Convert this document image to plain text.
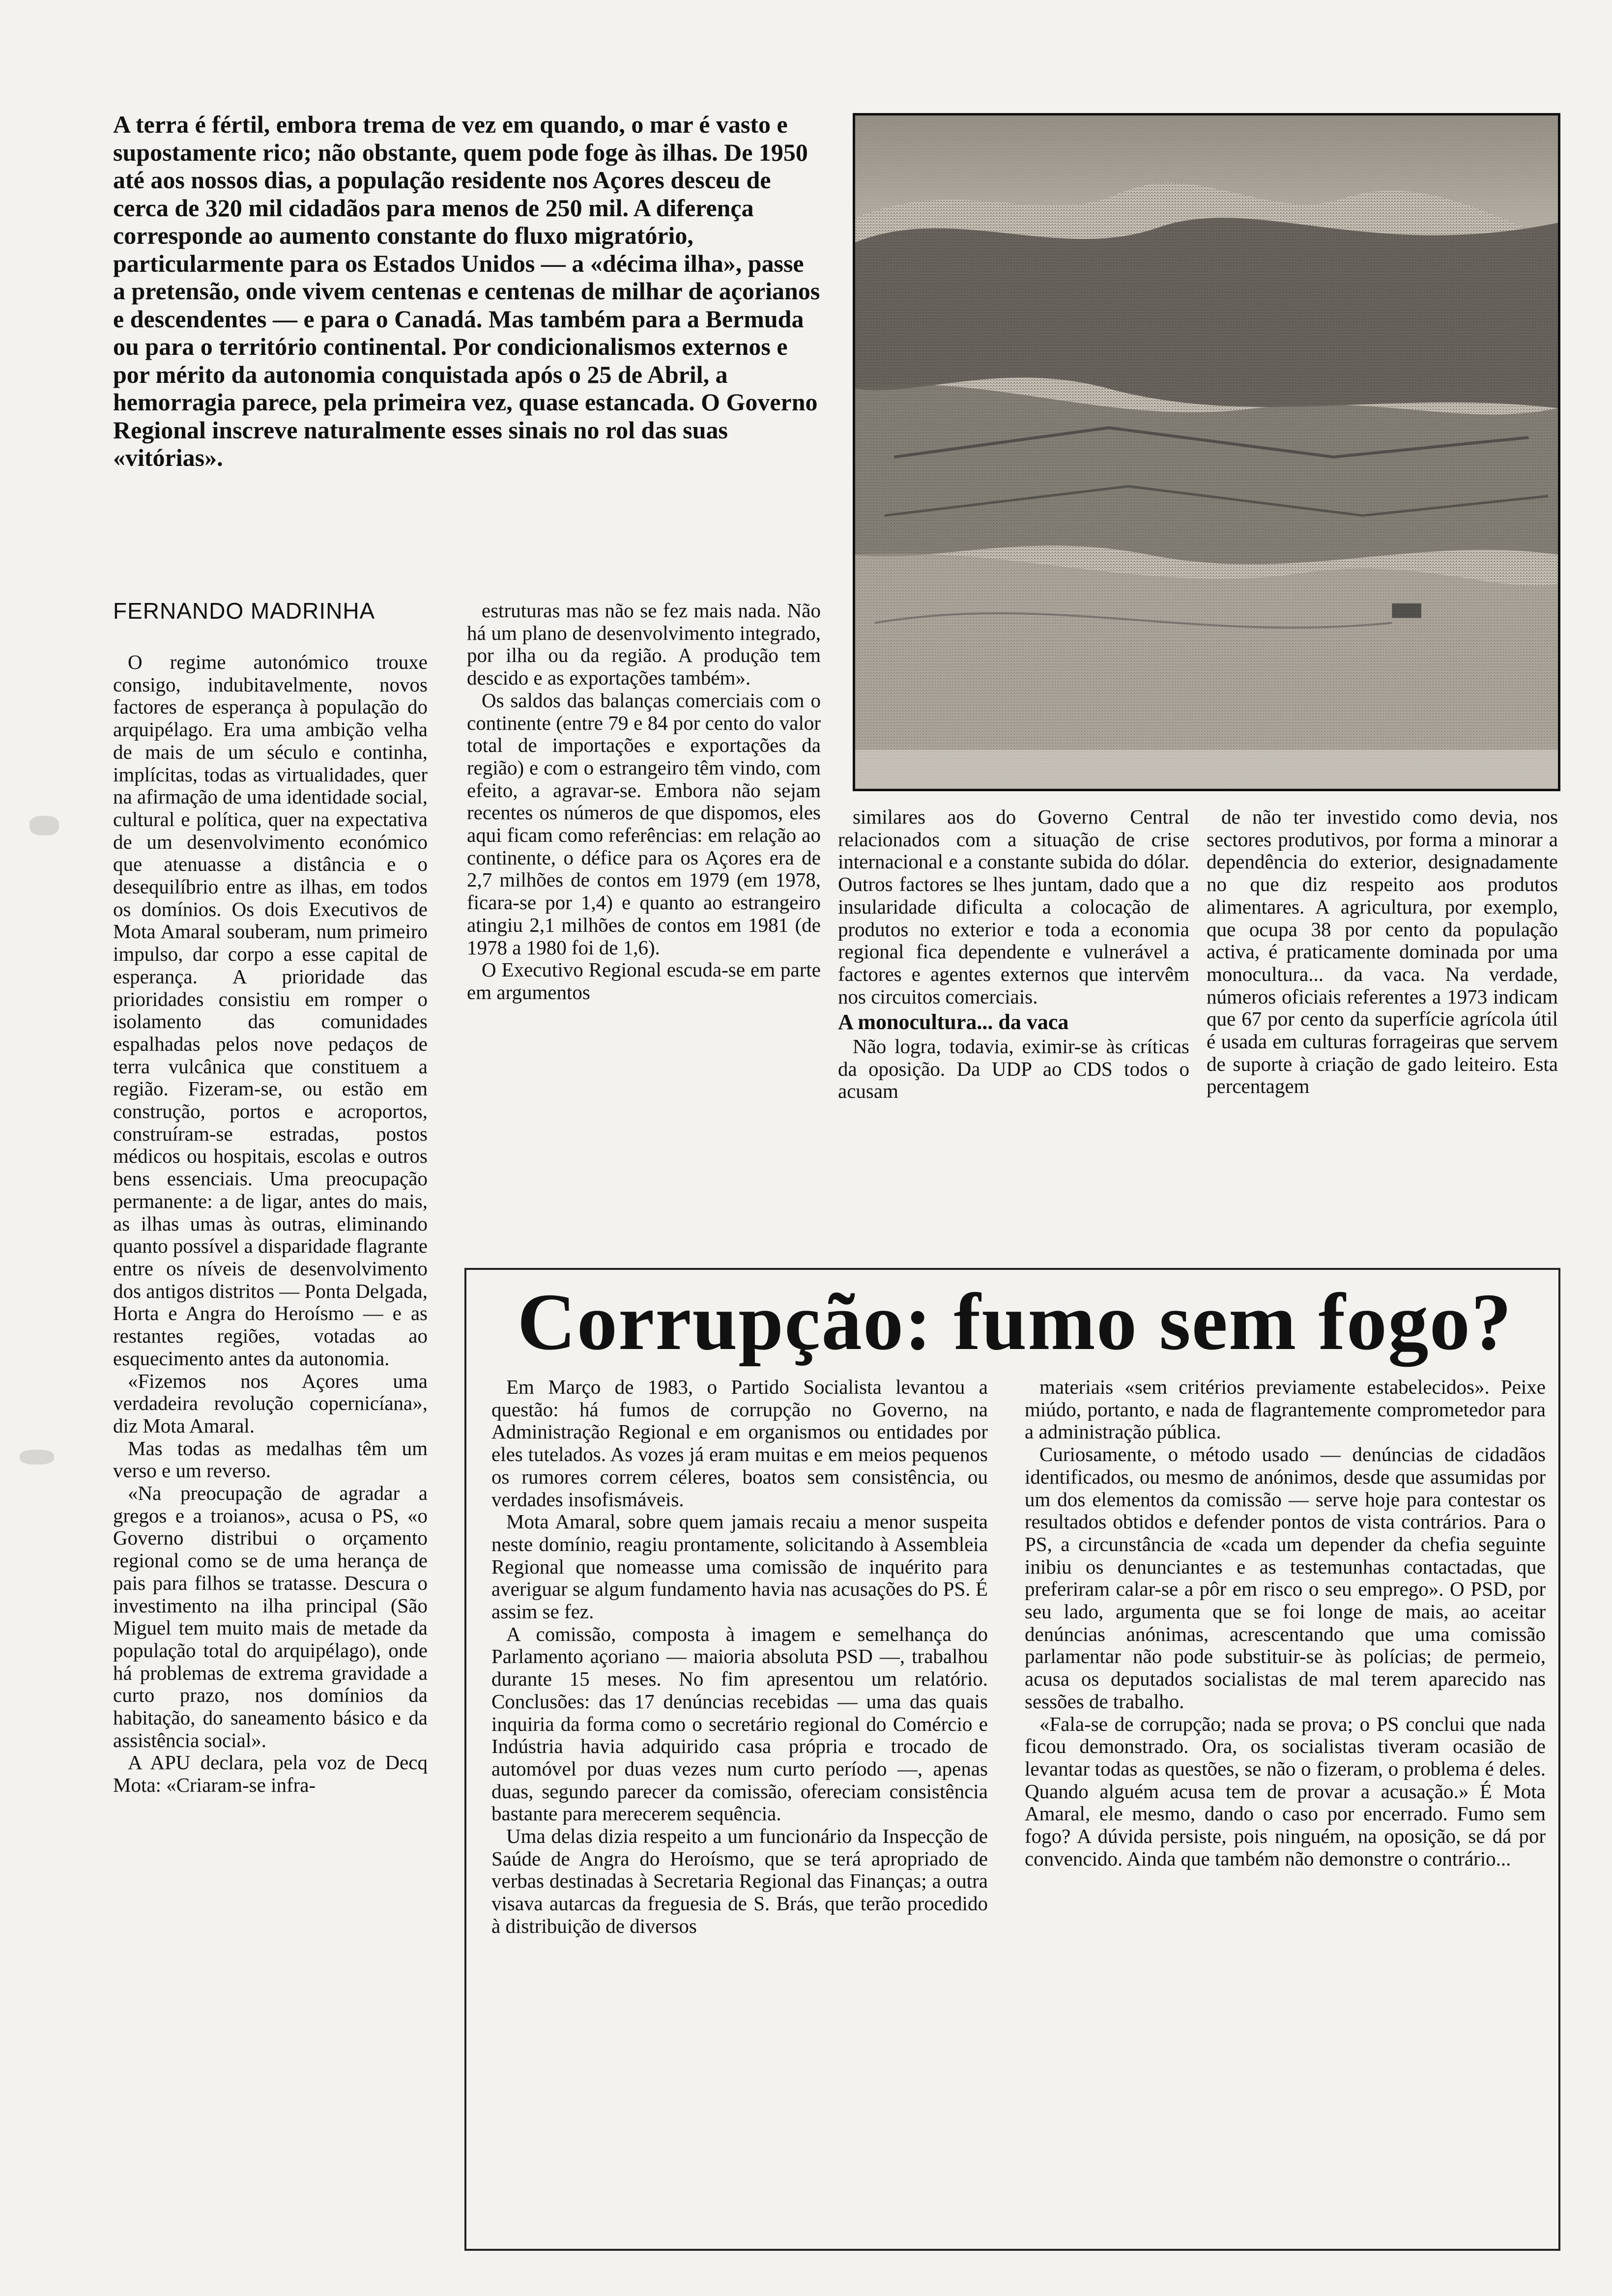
A terra é fértil, embora trema de vez em quando, o mar é vasto e supostamente rico; não obstante, quem pode foge às ilhas. De 1950 até aos nossos dias, a população residente nos Açores desceu de cerca de 320 mil cidadãos para menos de 250 mil. A diferença corresponde ao aumento constante do fluxo migratório, particularmente para os Estados Unidos — a «décima ilha», passe a pretensão, onde vivem centenas e centenas de milhar de açorianos e descendentes — e para o Canadá. Mas também para a Bermuda ou para o território continental. Por condicionalismos externos e por mérito da autonomia conquistada após o 25 de Abril, a hemorragia parece, pela primeira vez, quase estancada. O Governo Regional inscreve naturalmente esses sinais no rol das suas «vitórias».
FERNANDO MADRINHA

O regime autonómico trouxe consigo, indubitavelmente, novos factores de esperança à população do arquipélago. Era uma ambição velha de mais de um século e continha, implícitas, todas as virtualidades, quer na afirmação de uma identidade social, cultural e política, quer na expectativa de um desenvolvimento económico que atenuasse a distância e o desequilíbrio entre as ilhas, em todos os domínios. Os dois Executivos de Mota Amaral souberam, num primeiro impulso, dar corpo a esse capital de esperança. A prioridade das prioridades consistiu em romper o isolamento das comunidades espalhadas pelos nove pedaços de terra vulcânica que constituem a região. Fizeram-se, ou estão em construção, portos e acroportos, construíram-se estradas, postos médicos ou hospitais, escolas e outros bens essenciais. Uma preocupação permanente: a de ligar, antes do mais, as ilhas umas às outras, eliminando quanto possível a disparidade flagrante entre os níveis de desenvolvimento dos antigos distritos — Ponta Delgada, Horta e Angra do Heroísmo — e as restantes regiões, votadas ao esquecimento antes da autonomia.

«Fizemos nos Açores uma verdadeira revolução copernicíana», diz Mota Amaral.

Mas todas as medalhas têm um verso e um reverso.

«Na preocupação de agradar a gregos e a troianos», acusa o PS, «o Governo distribui o orçamento regional como se de uma herança de pais para filhos se tratasse. Descura o investimento na ilha principal (São Miguel tem muito mais de metade da população total do arquipélago), onde há problemas de extrema gravidade a curto prazo, nos domínios da habitação, do saneamento básico e da assistência social».

A APU declara, pela voz de Decq Mota: «Criaram-se infra-

estruturas mas não se fez mais nada. Não há um plano de desenvolvimento integrado, por ilha ou da região. A produção tem descido e as exportações também».

Os saldos das balanças comerciais com o continente (entre 79 e 84 por cento do valor total de importações e exportações da região) e com o estrangeiro têm vindo, com efeito, a agravar-se. Embora não sejam recentes os números de que dispomos, eles aqui ficam como referências: em relação ao continente, o défice para os Açores era de 2,7 milhões de contos em 1979 (em 1978, ficara-se por 1,4) e quanto ao estrangeiro atingiu 2,1 milhões de contos em 1981 (de 1978 a 1980 foi de 1,6).

O Executivo Regional escuda-se em parte em argumentos

similares aos do Governo Central relacionados com a situação de crise internacional e a constante subida do dólar. Outros factores se lhes juntam, dado que a insularidade dificulta a colocação de produtos no exterior e toda a economia regional fica dependente e vulnerável a factores e agentes externos que intervêm nos circuitos comerciais.

A monocultura... da vaca

Não logra, todavia, eximir-se às críticas da oposição. Da UDP ao CDS todos o acusam

de não ter investido como devia, nos sectores produtivos, por forma a minorar a dependência do exterior, designadamente no que diz respeito aos produtos alimentares. A agricultura, por exemplo, que ocupa 38 por cento da população activa, é praticamente dominada por uma monocultura... da vaca. Na verdade, números oficiais referentes a 1973 indicam que 67 por cento da superfície agrícola útil é usada em culturas forrageiras que servem de suporte à criação de gado leiteiro. Esta percentagem

Corrupção: fumo sem fogo?

Em Março de 1983, o Partido Socialista levantou a questão: há fumos de corrupção no Governo, na Administração Regional e em organismos ou entidades por eles tutelados. As vozes já eram muitas e em meios pequenos os rumores correm céleres, boatos sem consistência, ou verdades insofismáveis.

Mota Amaral, sobre quem jamais recaiu a menor suspeita neste domínio, reagiu prontamente, solicitando à Assembleia Regional que nomeasse uma comissão de inquérito para averiguar se algum fundamento havia nas acusações do PS. É assim se fez.

A comissão, composta à imagem e semelhança do Parlamento açoriano — maioria absoluta PSD —, trabalhou durante 15 meses. No fim apresentou um relatório. Conclusões: das 17 denúncias recebidas — uma das quais inquiria da forma como o secretário regional do Comércio e Indústria havia adquirido casa própria e trocado de automóvel por duas vezes num curto período —, apenas duas, segundo parecer da comissão, ofereciam consistência bastante para merecerem sequência.

Uma delas dizia respeito a um funcionário da Inspecção de Saúde de Angra do Heroísmo, que se terá apropriado de verbas destinadas à Secretaria Regional das Finanças; a outra visava autarcas da freguesia de S. Brás, que terão procedido à distribuição de diversos

materiais «sem critérios previamente estabelecidos». Peixe miúdo, portanto, e nada de flagrantemente comprometedor para a administração pública.

Curiosamente, o método usado — denúncias de cidadãos identificados, ou mesmo de anónimos, desde que assumidas por um dos elementos da comissão — serve hoje para contestar os resultados obtidos e defender pontos de vista contrários. Para o PS, a circunstância de «cada um depender da chefia seguinte inibiu os denunciantes e as testemunhas contactadas, que preferiram calar-se a pôr em risco o seu emprego». O PSD, por seu lado, argumenta que se foi longe de mais, ao aceitar denúncias anónimas, acrescentando que uma comissão parlamentar não pode substituir-se às polícias; de permeio, acusa os deputados socialistas de mal terem aparecido nas sessões de trabalho.

«Fala-se de corrupção; nada se prova; o PS conclui que nada ficou demonstrado. Ora, os socialistas tiveram ocasião de levantar todas as questões, se não o fizeram, o problema é deles. Quando alguém acusa tem de provar a acusação.» É Mota Amaral, ele mesmo, dando o caso por encerrado. Fumo sem fogo? A dúvida persiste, pois ninguém, na oposição, se dá por convencido. Ainda que também não demonstre o contrário...
